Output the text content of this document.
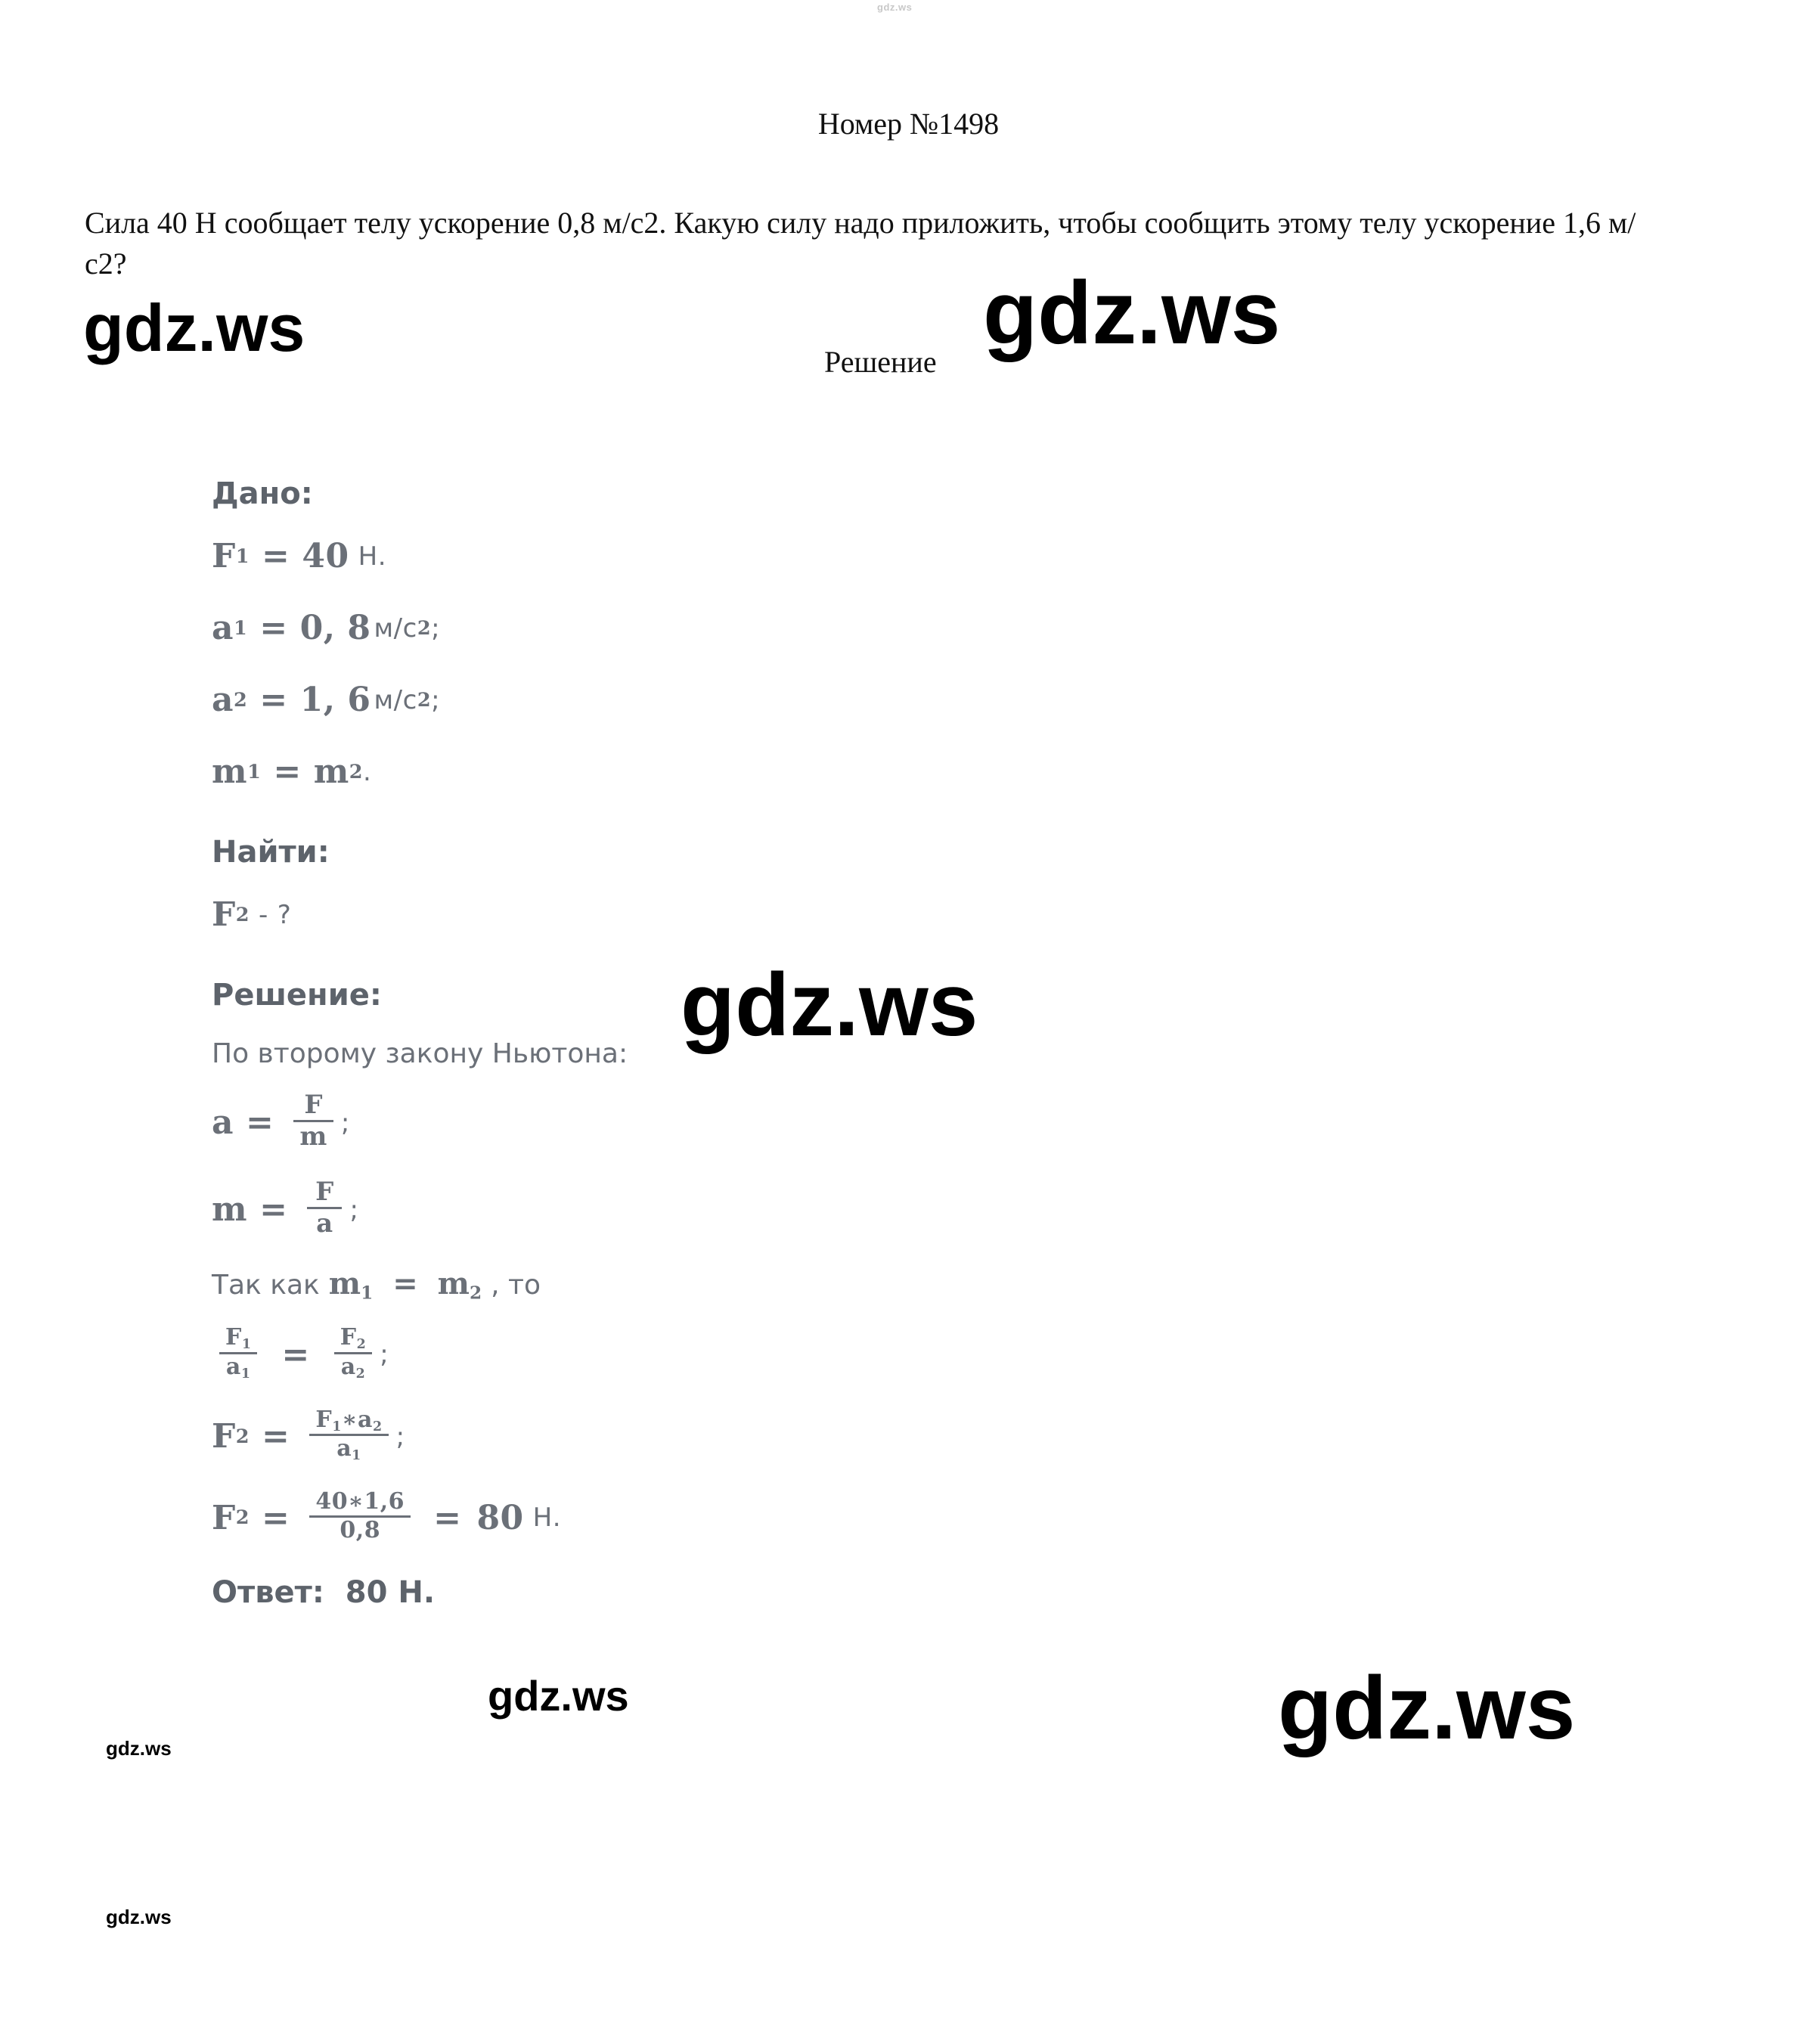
gdz.ws
Номер №1498
Сила 40 Н сообщает телу ускорение 0,8 м/с2. Какую силу надо приложить, чтобы сообщить этому телу ускорение 1,6 м/с2?
Решение
gdz.ws	gdz.ws
gdz.ws
gdz.ws
gdz.ws
gdz.ws
gdz.ws
Дано:
F 1 = 40 Н.
a 1 = 0, 8 м/с 2 ;
a 2 = 1, 6 м/с 2 ;
m 1 = m 2 .
Найти:
F 2 - ?
Решение:
По второму закону Ньютона:
$a = \frac{F}{m}$ ;
$m = \frac{F}{a}$ ;
Так как $m_1 = m_2$ , то
$\frac{F_1}{a_1} = \frac{F_2}{a_2}$ ;
F $2 = \frac{F_1∗a_2}{a_1}$ ;
F $2 = \frac{40∗1,6}{0,8} = 80$ Н.
Ответ: 80 Н.
